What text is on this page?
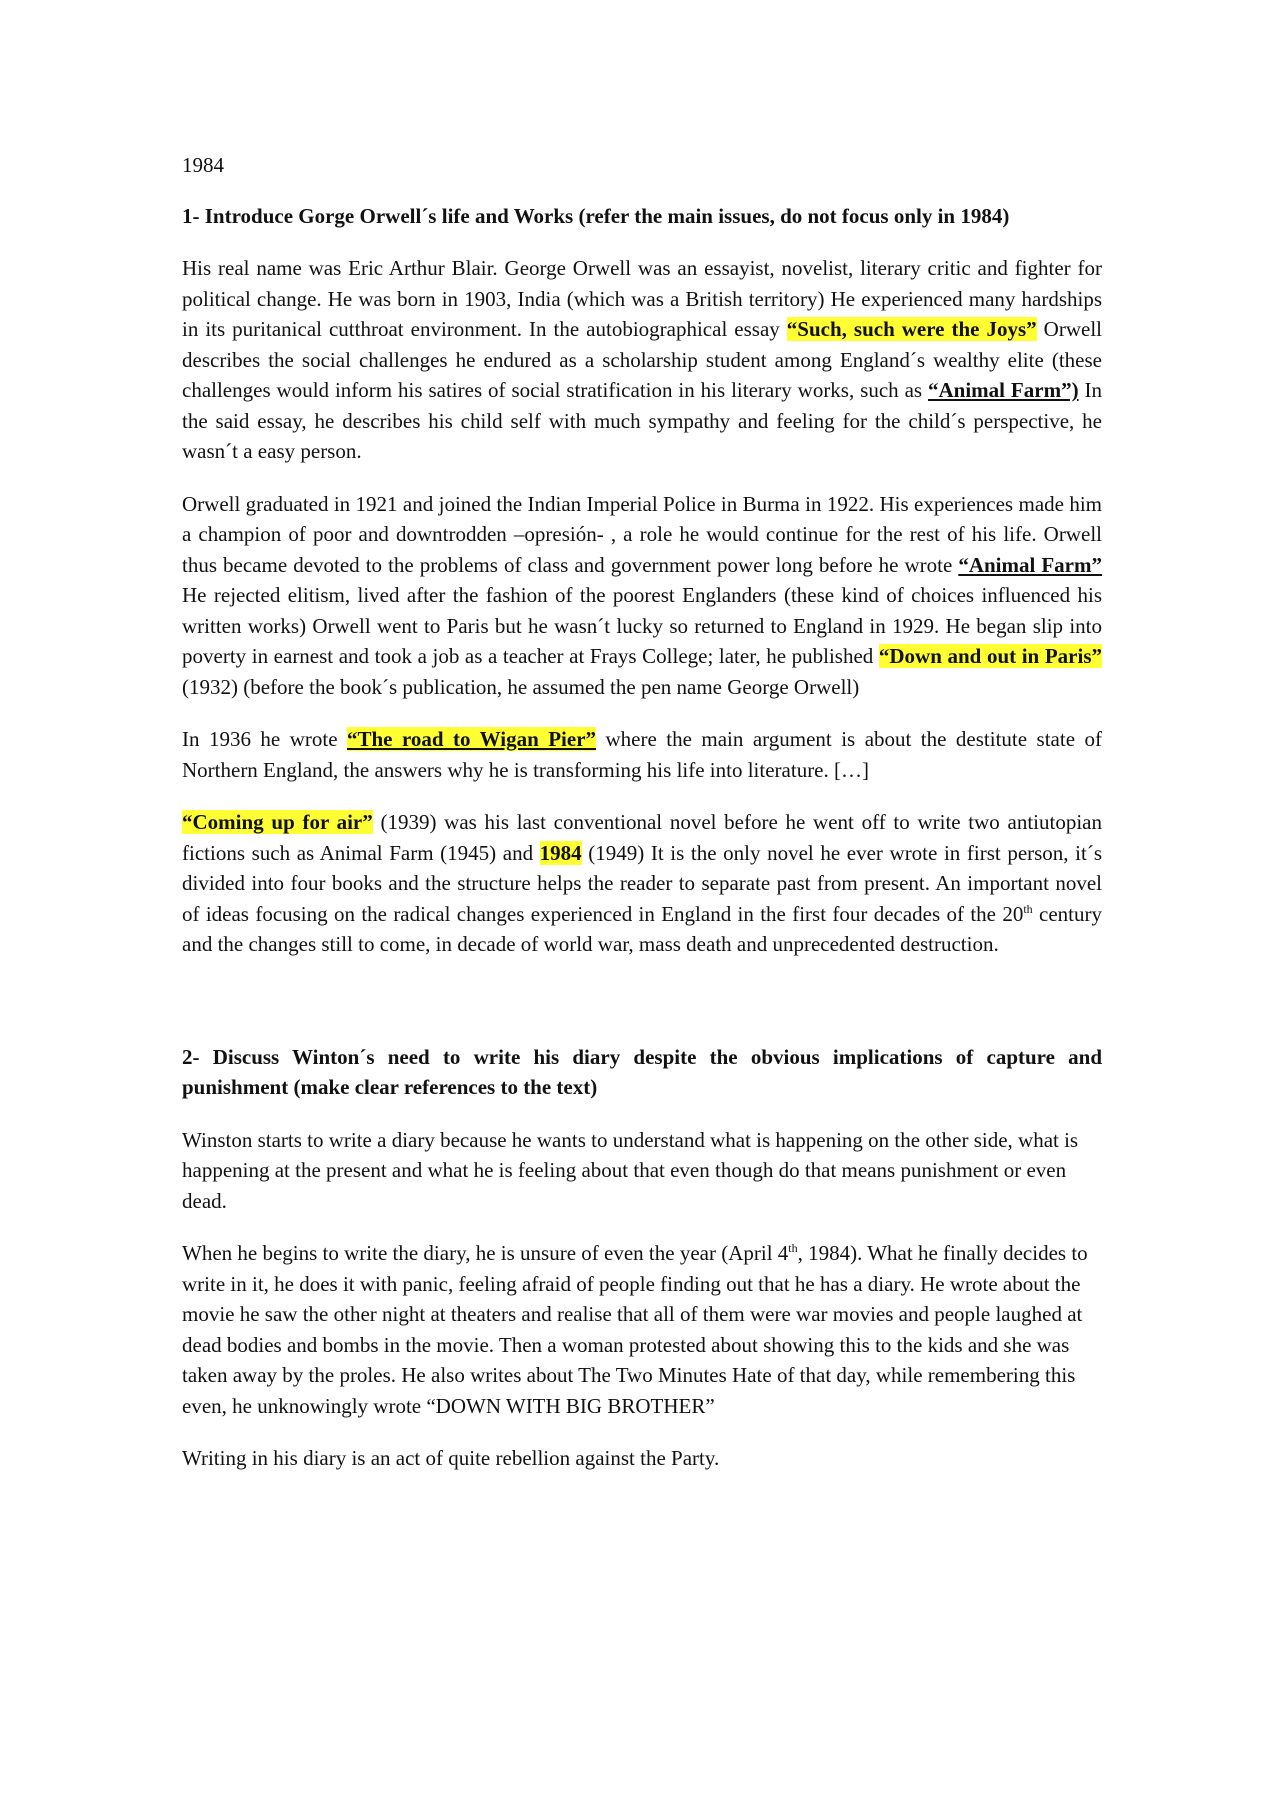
1984

1- Introduce Gorge Orwell´s life and Works (refer the main issues, do not focus only in 1984)

His real name was Eric Arthur Blair. George Orwell was an essayist, novelist, literary critic and fighter for political change. He was born in 1903, India (which was a British territory) He experienced many hardships in its puritanical cutthroat environment. In the autobiographical essay “Such, such were the Joys” Orwell describes the social challenges he endured as a scholarship student among England´s wealthy elite (these challenges would inform his satires of social stratification in his literary works, such as “Animal Farm”) In the said essay, he describes his child self with much sympathy and feeling for the child´s perspective, he wasn´t a easy person.

Orwell graduated in 1921 and joined the Indian Imperial Police in Burma in 1922. His experiences made him a champion of poor and downtrodden –opresión- , a role he would continue for the rest of his life. Orwell thus became devoted to the problems of class and government power long before he wrote “Animal Farm” He rejected elitism, lived after the fashion of the poorest Englanders (these kind of choices influenced his written works) Orwell went to Paris but he wasn´t lucky so returned to England in 1929. He began slip into poverty in earnest and took a job as a teacher at Frays College; later, he published “Down and out in Paris” (1932) (before the book´s publication, he assumed the pen name George Orwell)

In 1936 he wrote “The road to Wigan Pier” where the main argument is about the destitute state of Northern England, the answers why he is transforming his life into literature. […]

“Coming up for air” (1939) was his last conventional novel before he went off to write two antiutopian fictions such as Animal Farm (1945) and 1984 (1949) It is the only novel he ever wrote in first person, it´s divided into four books and the structure helps the reader to separate past from present. An important novel of ideas focusing on the radical changes experienced in England in the first four decades of the 20th century and the changes still to come, in decade of world war, mass death and unprecedented destruction.

2- Discuss Winton´s need to write his diary despite the obvious implications of capture and punishment (make clear references to the text)

Winston starts to write a diary because he wants to understand what is happening on the other side, what is happening at the present and what he is feeling about that even though do that means punishment or even dead.

When he begins to write the diary, he is unsure of even the year (April 4th, 1984). What he finally decides to write in it, he does it with panic, feeling afraid of people finding out that he has a diary. He wrote about the movie he saw the other night at theaters and realise that all of them were war movies and people laughed at dead bodies and bombs in the movie. Then a woman protested about showing this to the kids and she was taken away by the proles. He also writes about The Two Minutes Hate of that day, while remembering this even, he unknowingly wrote “DOWN WITH BIG BROTHER”

Writing in his diary is an act of quite rebellion against the Party.
